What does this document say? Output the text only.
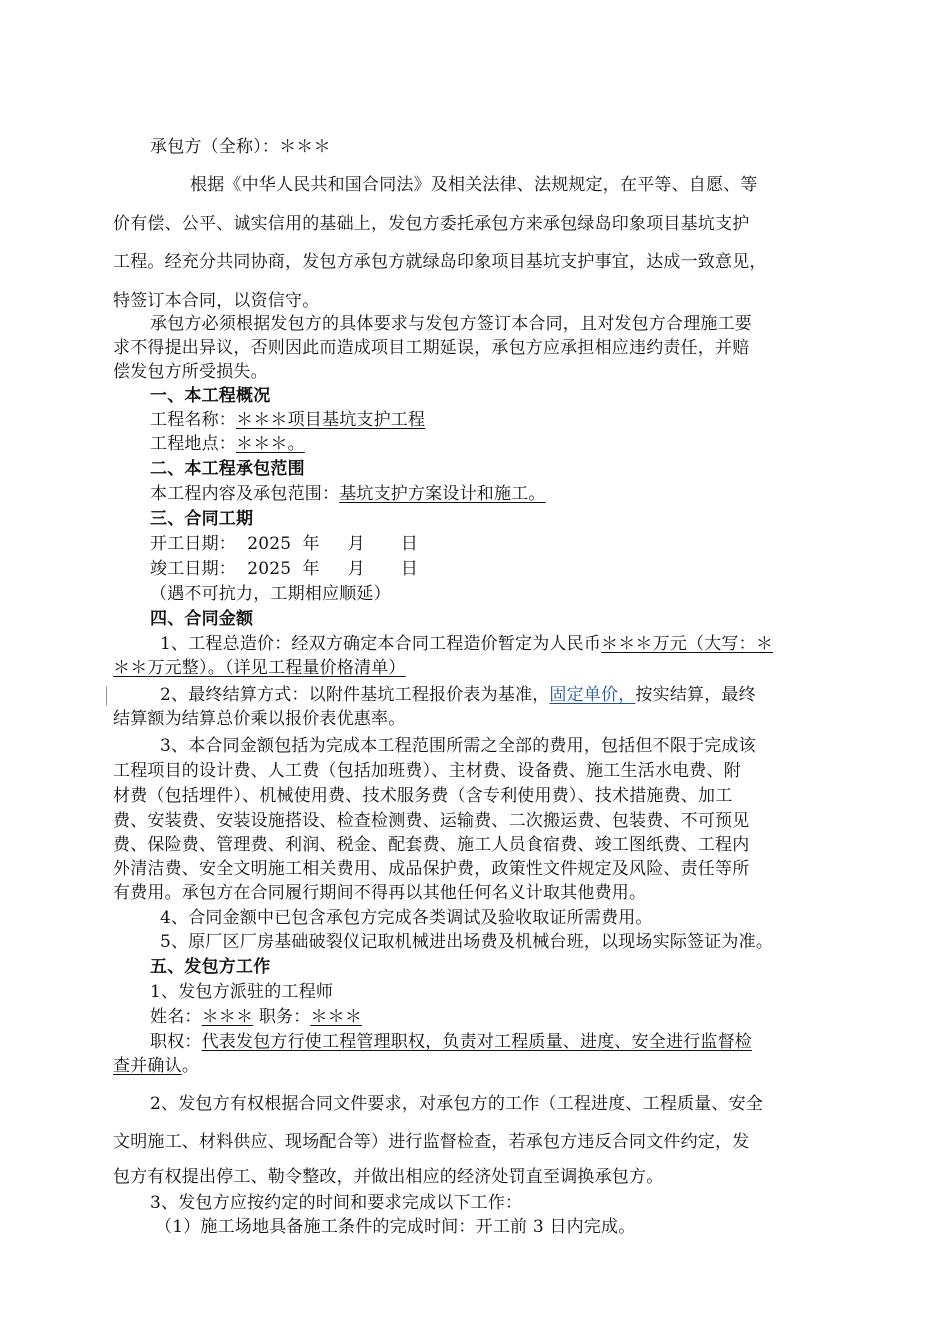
承包方（全称）：＊＊＊
根据《中华人民共和国合同法》及相关法律、法规规定，在平等、自愿、等
价有偿、公平、诚实信用的基础上，发包方委托承包方来承包绿岛印象项目基坑支护
工程。经充分共同协商，发包方承包方就绿岛印象项目基坑支护事宜，达成一致意见，
特签订本合同，以资信守。
承包方必须根据发包方的具体要求与发包方签订本合同，且对发包方合理施工要
求不得提出异议，否则因此而造成项目工期延误，承包方应承担相应违约责任，并赔
偿发包方所受损失。
一、本工程概况
工程名称：＊＊＊项目基坑支护工程
工程地点：＊＊＊。
二、本工程承包范围
本工程内容及承包范围：基坑支护方案设计和施工。
三、合同工期
开工日期： 2025 年 月 日
竣工日期： 2025 年 月 日
（遇不可抗力，工期相应顺延）
四、合同金额
1、工程总造价：经双方确定本合同工程造价暂定为人民币＊＊＊万元（大写：＊
＊＊万元整）。（详见工程量价格清单）
2、最终结算方式：以附件基坑工程报价表为基准，固定单价，按实结算，最终
结算额为结算总价乘以报价表优惠率。
3、本合同金额包括为完成本工程范围所需之全部的费用，包括但不限于完成该
工程项目的设计费、人工费（包括加班费）、主材费、设备费、施工生活水电费、附
材费（包括埋件）、机械使用费、技术服务费（含专利使用费）、技术措施费、加工
费、安装费、安装设施搭设、检查检测费、运输费、二次搬运费、包装费、不可预见
费、保险费、管理费、利润、税金、配套费、施工人员食宿费、竣工图纸费、工程内
外清洁费、安全文明施工相关费用、成品保护费，政策性文件规定及风险、责任等所
有费用。承包方在合同履行期间不得再以其他任何名义计取其他费用。
4、合同金额中已包含承包方完成各类调试及验收取证所需费用。
5、原厂区厂房基础破裂仪记取机械进出场费及机械台班，以现场实际签证为准。
五、发包方工作
1、发包方派驻的工程师
姓名：＊＊＊ 职务：＊＊＊
职权：代表发包方行使工程管理职权，负责对工程质量、进度、安全进行监督检
查并确认。
2、发包方有权根据合同文件要求，对承包方的工作（工程进度、工程质量、安全
文明施工、材料供应、现场配合等）进行监督检查，若承包方违反合同文件约定，发
包方有权提出停工、勒令整改，并做出相应的经济处罚直至调换承包方。
3、发包方应按约定的时间和要求完成以下工作：
（1）施工场地具备施工条件的完成时间：开工前 3 日内完成。
